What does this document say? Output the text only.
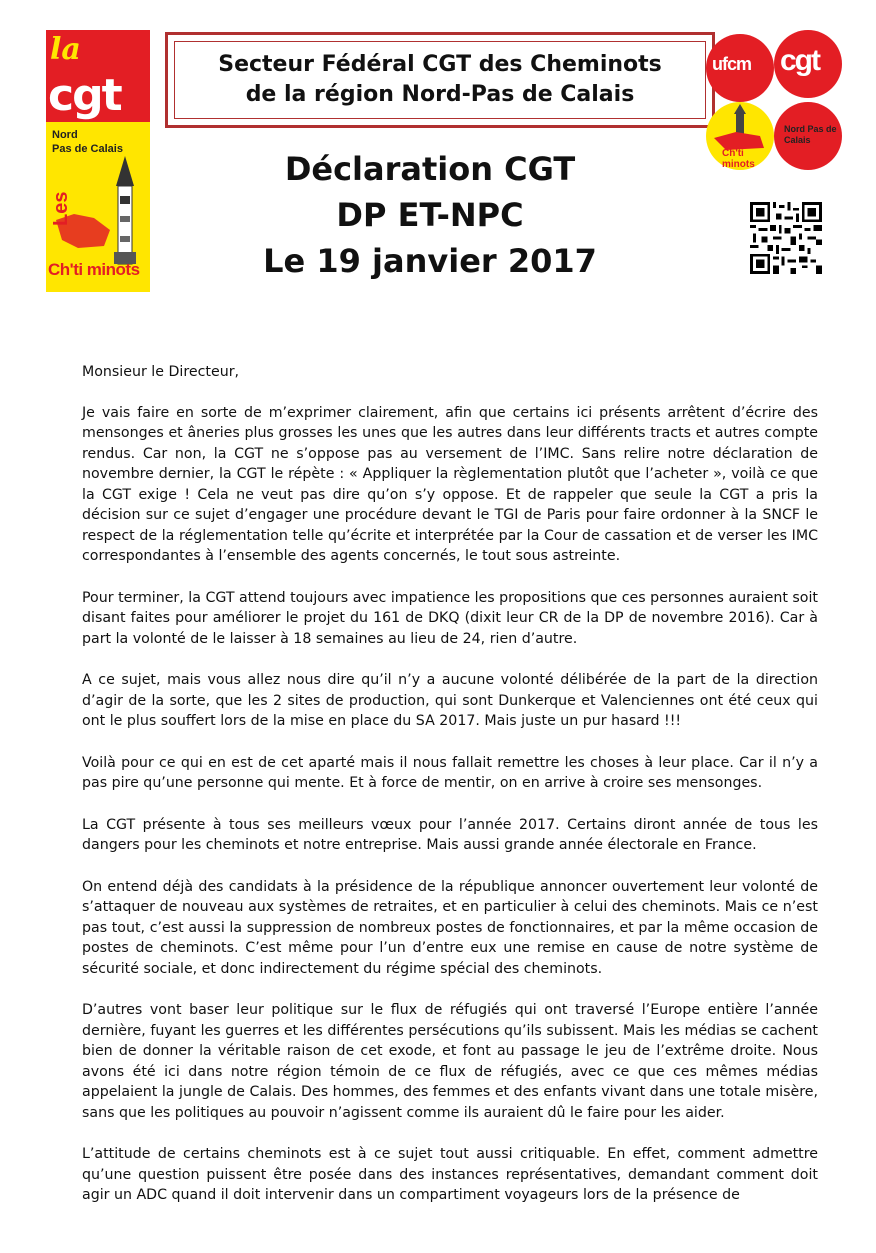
la
cgt
Nord
Pas de Calais
Les
Ch'ti minots
Secteur Fédéral CGT des Cheminots
de la région Nord-Pas de Calais
Déclaration CGT
DP ET-NPC
Le 19 janvier 2017
cgt
ufcm
Nord Pas de Calais
Ch'ti minots

Monsieur le Directeur,

Je vais faire en sorte de m’exprimer clairement, afin que certains ici présents arrêtent d’écrire des mensonges et âneries plus grosses les unes que les autres dans leur différents tracts et autres compte rendus. Car non, la CGT ne s’oppose pas au versement de l’IMC. Sans relire notre déclaration de novembre dernier, la CGT le répète : « Appliquer la règlementation plutôt que l’acheter », voilà ce que la CGT exige ! Cela ne veut pas dire qu’on s’y oppose. Et de rappeler que seule la CGT a pris la décision sur ce sujet d’engager une procédure devant le TGI de Paris pour faire ordonner à la SNCF le respect de la réglementation telle qu’écrite et interprétée par la Cour de cassation et de verser les IMC correspondantes à l’ensemble des agents concernés, le tout sous astreinte.

Pour terminer, la CGT attend toujours avec impatience les propositions que ces personnes auraient soit disant faites pour améliorer le projet du 161 de DKQ (dixit leur CR de la DP de novembre 2016). Car à part la volonté de le laisser à 18 semaines au lieu de 24, rien d’autre.

A ce sujet, mais vous allez nous dire qu’il n’y a aucune volonté délibérée de la part de la direction d’agir de la sorte, que les 2 sites de production, qui sont Dunkerque et Valenciennes ont été ceux qui ont le plus souffert lors de la mise en place du SA 2017. Mais juste un pur hasard !!!

Voilà pour ce qui en est de cet aparté mais il nous fallait remettre les choses à leur place. Car il n’y a pas pire qu’une personne qui mente. Et à force de mentir, on en arrive à croire ses mensonges.

La CGT présente à tous ses meilleurs vœux pour l’année 2017. Certains diront année de tous les dangers pour les cheminots et notre entreprise. Mais aussi grande année électorale en France.

On entend déjà des candidats à la présidence de la république annoncer ouvertement leur volonté de s’attaquer de nouveau aux systèmes de retraites, et en particulier à celui des cheminots. Mais ce n’est pas tout, c’est aussi la suppression de nombreux postes de fonctionnaires, et par la même occasion de postes de cheminots. C’est même pour l’un d’entre eux une remise en cause de notre système de sécurité sociale, et donc indirectement du régime spécial des cheminots.

D’autres vont baser leur politique sur le flux de réfugiés qui ont traversé l’Europe entière l’année dernière, fuyant les guerres et les différentes persécutions qu’ils subissent. Mais les médias se cachent bien de donner la véritable raison de cet exode, et font au passage le jeu de l’extrême droite. Nous avons été ici dans notre région témoin de ce flux de réfugiés, avec ce que ces mêmes médias appelaient la jungle de Calais. Des hommes, des femmes et des enfants vivant dans une totale misère, sans que les politiques au pouvoir n’agissent comme ils auraient dû le faire pour les aider.

L’attitude de certains cheminots est à ce sujet tout aussi critiquable. En effet, comment admettre qu’une question puissent être posée dans des instances représentatives, demandant comment doit agir un ADC quand il doit intervenir dans un compartiment voyageurs lors de la présence de
